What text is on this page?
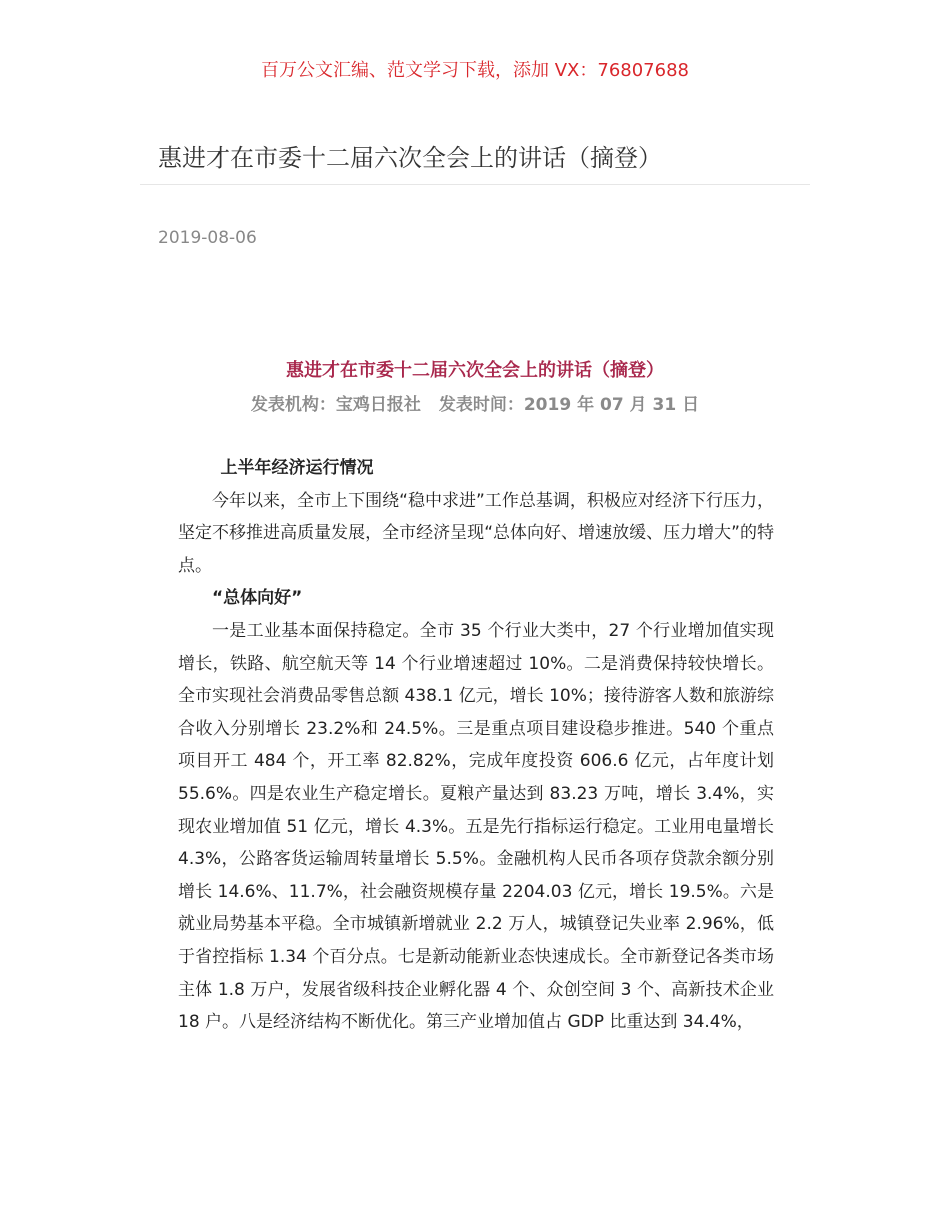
百万公文汇编、范文学习下载，添加 VX：76807688
惠进才在市委十二届六次全会上的讲话（摘登）
2019-08-06
惠进才在市委十二届六次全会上的讲话（摘登）
发表机构：宝鸡日报社 发表时间：2019 年 07 月 31 日

上半年经济运行情况

今年以来，全市上下围绕“稳中求进”工作总基调，积极应对经济下行压力，坚定不移推进高质量发展，全市经济呈现“总体向好、增速放缓、压力增大”的特点。

“总体向好”

一是工业基本面保持稳定。全市 35 个行业大类中，27 个行业增加值实现增长，铁路、航空航天等 14 个行业增速超过 10%。二是消费保持较快增长。全市实现社会消费品零售总额 438.1 亿元，增长 10%；接待游客人数和旅游综合收入分别增长 23.2%和 24.5%。三是重点项目建设稳步推进。540 个重点项目开工 484 个，开工率 82.82%，完成年度投资 606.6 亿元，占年度计划 55.6%。四是农业生产稳定增长。夏粮产量达到 83.23 万吨，增长 3.4%，实现农业增加值 51 亿元，增长 4.3%。五是先行指标运行稳定。工业用电量增长 4.3%，公路客货运输周转量增长 5.5%。金融机构人民币各项存贷款余额分别增长 14.6%、11.7%，社会融资规模存量 2204.03 亿元，增长 19.5%。六是就业局势基本平稳。全市城镇新增就业 2.2 万人，城镇登记失业率 2.96%，低于省控指标 1.34 个百分点。七是新动能新业态快速成长。全市新登记各类市场主体 1.8 万户，发展省级科技企业孵化器 4 个、众创空间 3 个、高新技术企业 18 户。八是经济结构不断优化。第三产业增加值占 GDP 比重达到 34.4%，
